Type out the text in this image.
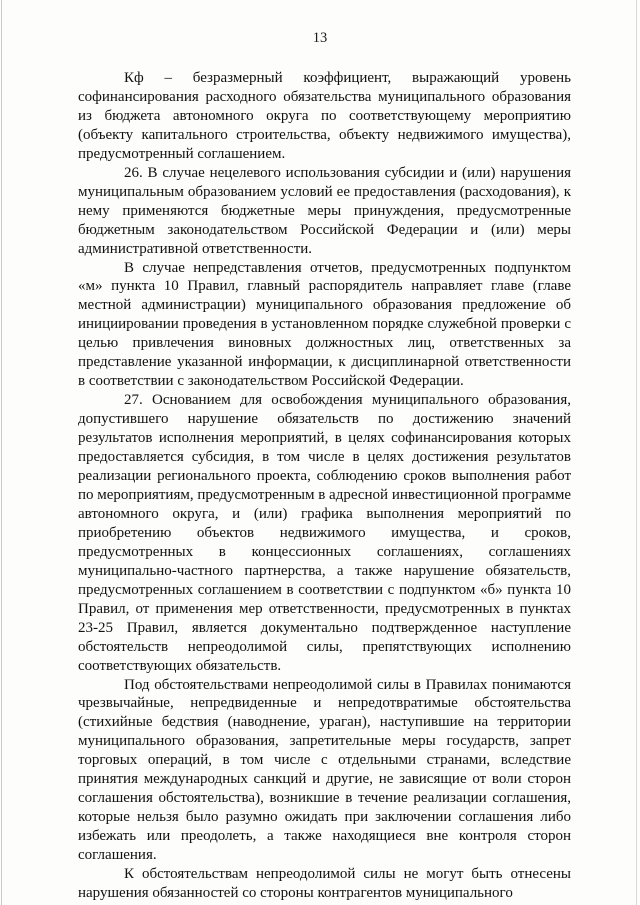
13

Кф – безразмерный коэффициент, выражающий уровень софинансирования расходного обязательства муниципального образования из бюджета автономного округа по соответствующему мероприятию (объекту капитального строительства, объекту недвижимого имущества), предусмотренный соглашением.

26. В случае нецелевого использования субсидии и (или) нарушения муниципальным образованием условий ее предоставления (расходования), к нему применяются бюджетные меры принуждения, предусмотренные бюджетным законодательством Российской Федерации и (или) меры административной ответственности.

В случае непредставления отчетов, предусмотренных подпунктом «м» пункта 10 Правил, главный распорядитель направляет главе (главе местной администрации) муниципального образования предложение об инициировании проведения в установленном порядке служебной проверки с целью привлечения виновных должностных лиц, ответственных за представление указанной информации, к дисциплинарной ответственности в соответствии с законодательством Российской Федерации.

27. Основанием для освобождения муниципального образования, допустившего нарушение обязательств по достижению значений результатов исполнения мероприятий, в целях софинансирования которых предоставляется субсидия, в том числе в целях достижения результатов реализации регионального проекта, соблюдению сроков выполнения работ по мероприятиям, предусмотренным в адресной инвестиционной программе автономного округа, и (или) графика выполнения мероприятий по приобретению объектов недвижимого имущества, и сроков, предусмотренных в концессионных соглашениях, соглашениях муниципально-частного партнерства, а также нарушение обязательств, предусмотренных соглашением в соответствии с подпунктом «б» пункта 10 Правил, от применения мер ответственности, предусмотренных в пунктах 23-25 Правил, является документально подтвержденное наступление обстоятельств непреодолимой силы, препятствующих исполнению соответствующих обязательств.

Под обстоятельствами непреодолимой силы в Правилах понимаются чрезвычайные, непредвиденные и непредотвратимые обстоятельства (стихийные бедствия (наводнение, ураган), наступившие на территории муниципального образования, запретительные меры государств, запрет торговых операций, в том числе с отдельными странами, вследствие принятия международных санкций и другие, не зависящие от воли сторон соглашения обстоятельства), возникшие в течение реализации соглашения, которые нельзя было разумно ожидать при заключении соглашения либо избежать или преодолеть, а также находящиеся вне контроля сторон соглашения.

К обстоятельствам непреодолимой силы не могут быть отнесены нарушения обязанностей со стороны контрагентов муниципального
